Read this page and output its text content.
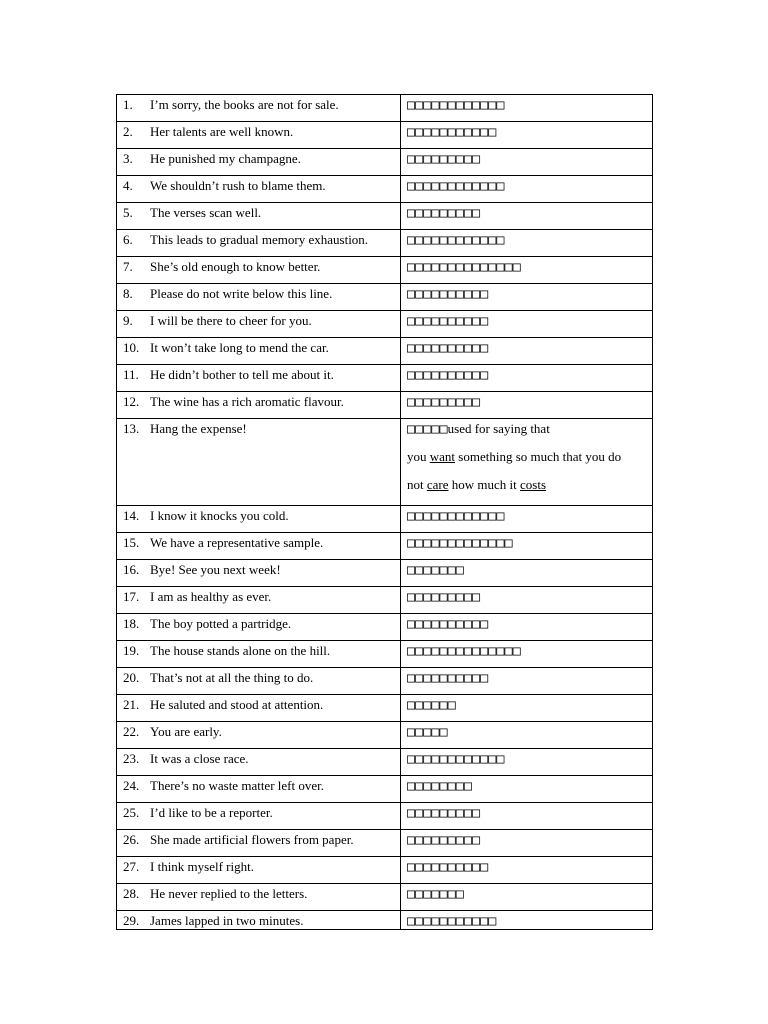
1. I’m sorry, the books are not for sale.	□□□□□□□□□□□□
2. Her talents are well known.	□□□□□□□□□□□
3. He punished my champagne.	□□□□□□□□□
4. We shouldn’t rush to blame them.	□□□□□□□□□□□□
5. The verses scan well.	□□□□□□□□□
6. This leads to gradual memory exhaustion.	□□□□□□□□□□□□
7. She’s old enough to know better.	□□□□□□□□□□□□□□
8. Please do not write below this line.	□□□□□□□□□□
9. I will be there to cheer for you.	□□□□□□□□□□
10. It won’t take long to mend the car.	□□□□□□□□□□
11. He didn’t bother to tell me about it.	□□□□□□□□□□
12. The wine has a rich aromatic flavour.	□□□□□□□□□
13. Hang the expense!	□□□□□used for saying that
you want something so much that you do
not care how much it costs

14. I know it knocks you cold.	□□□□□□□□□□□□
15. We have a representative sample.	□□□□□□□□□□□□□
16. Bye! See you next week!	□□□□□□□
17. I am as healthy as ever.	□□□□□□□□□
18. The boy potted a partridge.	□□□□□□□□□□
19. The house stands alone on the hill.	□□□□□□□□□□□□□□
20. That’s not at all the thing to do.	□□□□□□□□□□
21. He saluted and stood at attention.	□□□□□□
22. You are early.	□□□□□
23. It was a close race.	□□□□□□□□□□□□
24. There’s no waste matter left over.	□□□□□□□□
25. I’d like to be a reporter.	□□□□□□□□□
26. She made artificial flowers from paper.	□□□□□□□□□
27. I think myself right.	□□□□□□□□□□
28. He never replied to the letters.	□□□□□□□
29. James lapped in two minutes.	□□□□□□□□□□□
